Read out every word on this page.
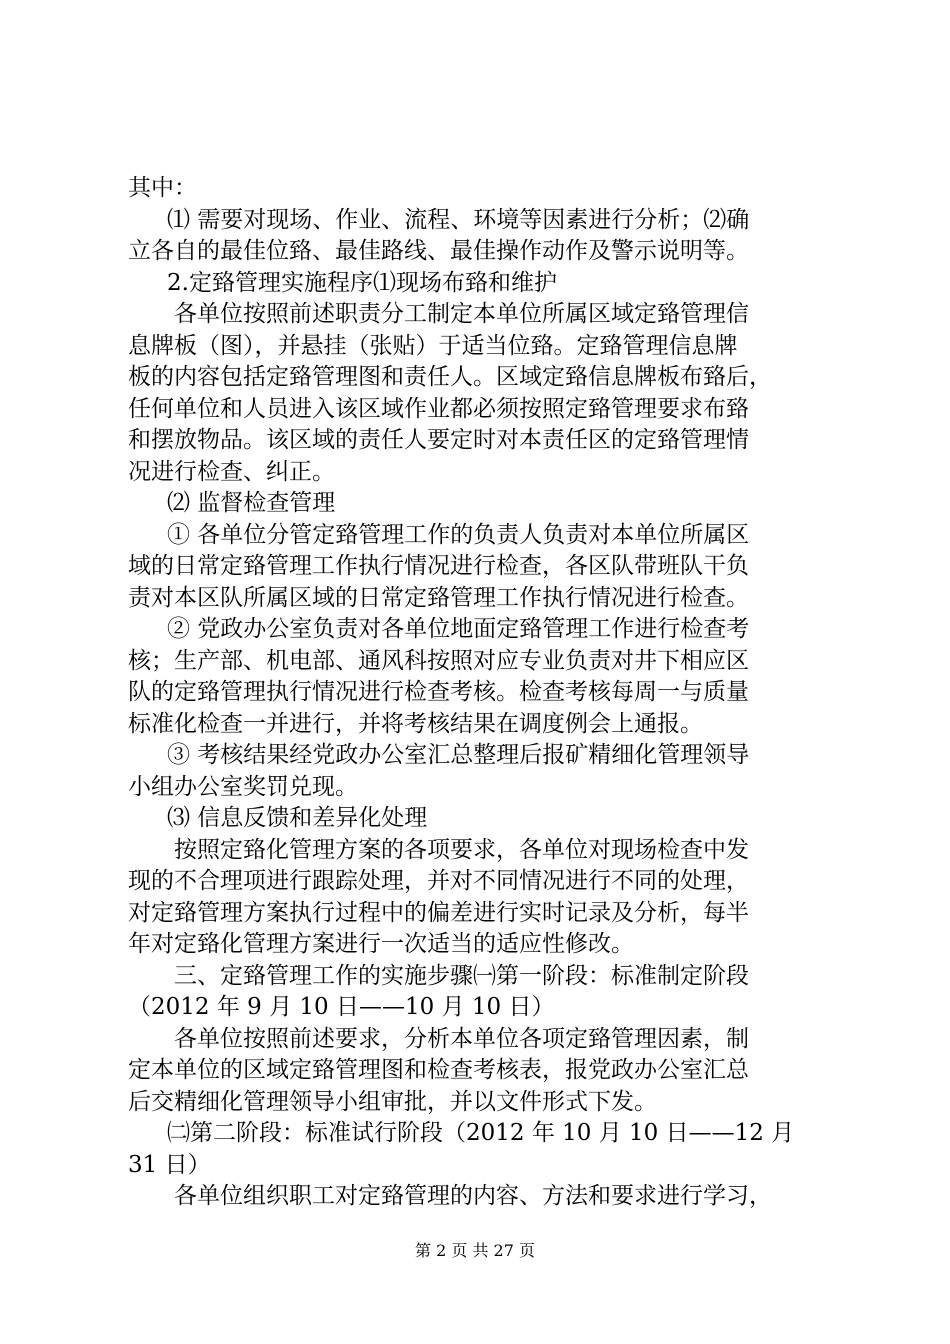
其中：
⑴ 需要对现场、作业、流程、环境等因素进行分析；⑵确
立各自的最佳位臵、最佳路线、最佳操作动作及警示说明等。
2.定臵管理实施程序⑴现场布臵和维护
各单位按照前述职责分工制定本单位所属区域定臵管理信
息牌板（图），并悬挂（张贴）于适当位臵。定臵管理信息牌
板的内容包括定臵管理图和责任人。区域定臵信息牌板布臵后，
任何单位和人员进入该区域作业都必须按照定臵管理要求布臵
和摆放物品。该区域的责任人要定时对本责任区的定臵管理情
况进行检查、纠正。
⑵ 监督检查管理
① 各单位分管定臵管理工作的负责人负责对本单位所属区
域的日常定臵管理工作执行情况进行检查，各区队带班队干负
责对本区队所属区域的日常定臵管理工作执行情况进行检查。
② 党政办公室负责对各单位地面定臵管理工作进行检查考
核；生产部、机电部、通风科按照对应专业负责对井下相应区
队的定臵管理执行情况进行检查考核。检查考核每周一与质量
标准化检查一并进行，并将考核结果在调度例会上通报。
③ 考核结果经党政办公室汇总整理后报矿精细化管理领导
小组办公室奖罚兑现。
⑶ 信息反馈和差异化处理
按照定臵化管理方案的各项要求，各单位对现场检查中发
现的不合理项进行跟踪处理，并对不同情况进行不同的处理，
对定臵管理方案执行过程中的偏差进行实时记录及分析，每半
年对定臵化管理方案进行一次适当的适应性修改。
三、定臵管理工作的实施步骤㈠第一阶段：标准制定阶段
（2012 年 9 月 10 日——10 月 10 日）
各单位按照前述要求，分析本单位各项定臵管理因素，制
定本单位的区域定臵管理图和检查考核表，报党政办公室汇总
后交精细化管理领导小组审批，并以文件形式下发。
㈡第二阶段：标准试行阶段（2012 年 10 月 10 日——12 月
31 日）
各单位组织职工对定臵管理的内容、方法和要求进行学习，
第 2 页 共 27 页
